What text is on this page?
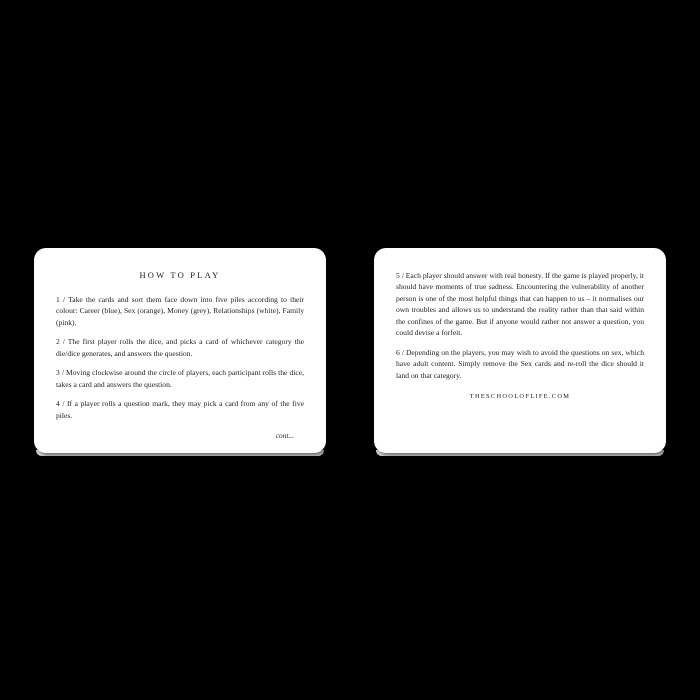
HOW TO PLAY

1 / Take the cards and sort them face down into five piles according to their colour: Career (blue), Sex (orange), Money (grey), Relationships (white), Family (pink).

2 / The first player rolls the dice, and picks a card of whichever category the die/dice generates, and answers the question.

3 / Moving clockwise around the circle of players, each participant rolls the dice, takes a card and answers the question.

4 / If a player rolls a question mark, they may pick a card from any of the five piles.

cont...

5 / Each player should answer with real honesty. If the game is played properly, it should have moments of true sadness. Encountering the vulnerability of another person is one of the most helpful things that can happen to us – it normalises our own troubles and allows us to understand the reality rather than that said within the confines of the game. But if anyone would rather not answer a question, you could devise a forfeit.

6 / Depending on the players, you may wish to avoid the questions on sex, which have adult content. Simply remove the Sex cards and re-roll the dice should it land on that category.

THESCHOOLOFLIFE.COM
